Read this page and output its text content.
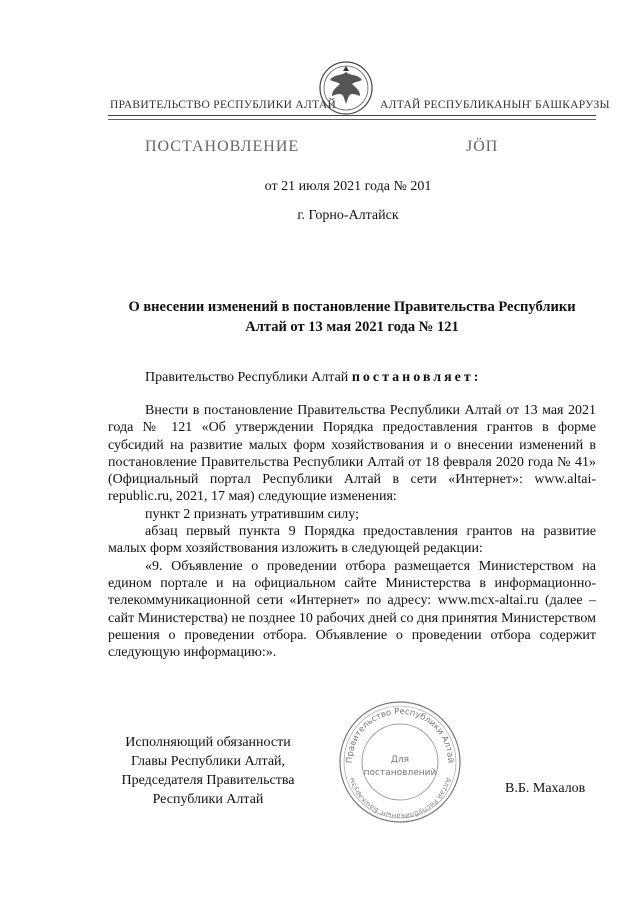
ПРАВИТЕЛЬСТВО РЕСПУБЛИКИ АЛТАЙ	АЛТАЙ РЕСПУБЛИКАНЫҤ БАШКАРУЗЫ
ПОСТАНОВЛЕНИЕ	JÖП
от 21 июля 2021 года № 201
г. Горно-Алтайск
О внесении изменений в постановление Правительства Республики Алтай от 13 мая 2021 года № 121
Правительство Республики Алтай постановляет:

Внести в постановление Правительства Республики Алтай от 13 мая 2021 года № 121 «Об утверждении Порядка предоставления грантов в форме субсидий на развитие малых форм хозяйствования и о внесении изменений в постановление Правительства Республики Алтай от 18 февраля 2020 года № 41» (Официальный портал Республики Алтай в сети «Интернет»: www.altai-republic.ru, 2021, 17 мая) следующие изменения:

пункт 2 признать утратившим силу;

абзац первый пункта 9 Порядка предоставления грантов на развитие малых форм хозяйствования изложить в следующей редакции:

«9. Объявление о проведении отбора размещается Министерством на едином портале и на официальном сайте Министерства в информационно-телекоммуникационной сети «Интернет» по адресу: www.mcx-altai.ru (далее – сайт Министерства) не позднее 10 рабочих дней со дня принятия Министерством решения о проведении отбора. Объявление о проведении отбора содержит следующую информацию:».

Исполняющий обязанности
Главы Республики Алтай,
Председателя Правительства
Республики Алтай
Правительство Республики Алтай
Алтай Республиканыҥ Башкарузы
Для
постановлений
В.Б. Махалов
